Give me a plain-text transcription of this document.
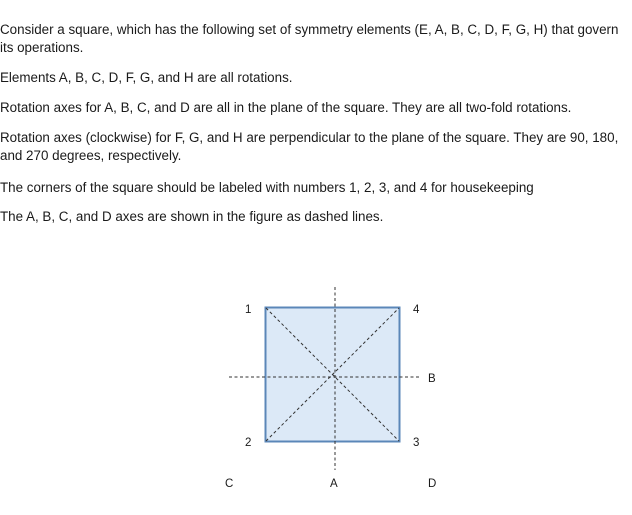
Consider a square, which has the following set of symmetry elements (E, A, B, C, D, F, G, H) that govern
its operations.

Elements A, B, C, D, F, G, and H are all rotations.

Rotation axes for A, B, C, and D are all in the plane of the square. They are all two-fold rotations.

Rotation axes (clockwise) for F, G, and H are perpendicular to the plane of the square. They are 90, 180,
and 270 degrees, respectively.

The corners of the square should be labeled with numbers 1, 2, 3, and 4 for housekeeping

The A, B, C, and D axes are shown in the figure as dashed lines.

1
2	3
4
A
B
C	D
